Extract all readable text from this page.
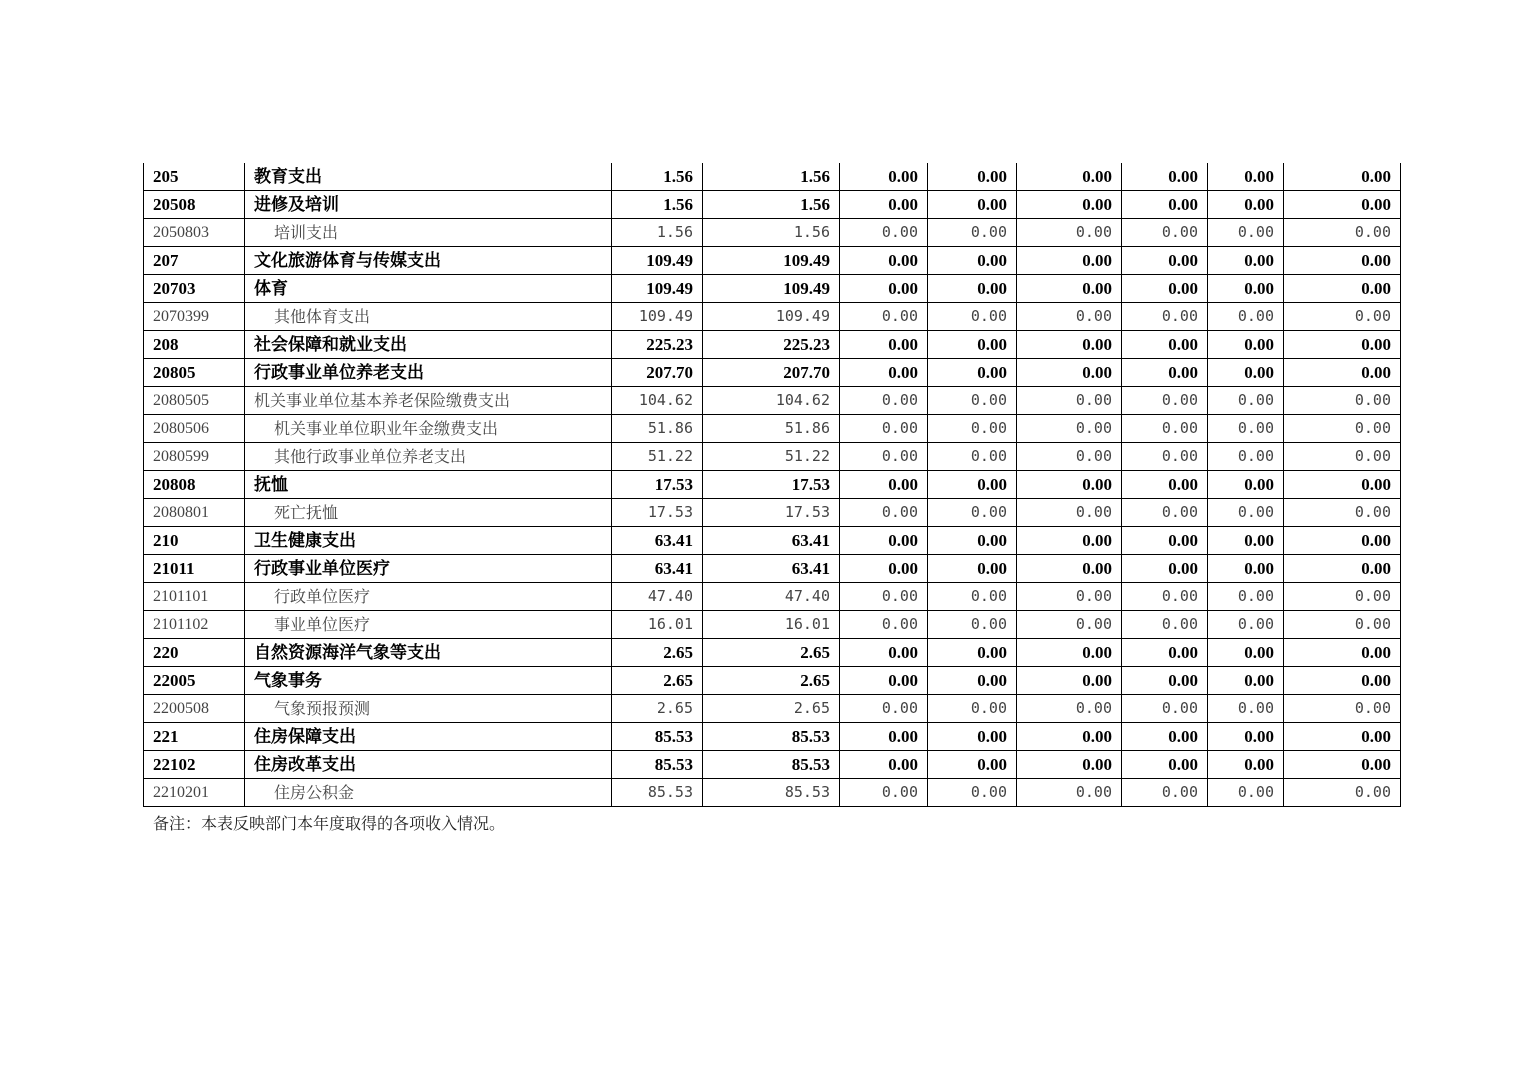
205	教育支出	1.56	1.56	0.00	0.00	0.00	0.00	0.00	0.00
20508	进修及培训	1.56	1.56	0.00	0.00	0.00	0.00	0.00	0.00
2050803	培训支出	1.56	1.56	0.00	0.00	0.00	0.00	0.00	0.00
207	文化旅游体育与传媒支出	109.49	109.49	0.00	0.00	0.00	0.00	0.00	0.00
20703	体育	109.49	109.49	0.00	0.00	0.00	0.00	0.00	0.00
2070399	其他体育支出	109.49	109.49	0.00	0.00	0.00	0.00	0.00	0.00
208	社会保障和就业支出	225.23	225.23	0.00	0.00	0.00	0.00	0.00	0.00
20805	行政事业单位养老支出	207.70	207.70	0.00	0.00	0.00	0.00	0.00	0.00
2080505	机关事业单位基本养老保险缴费支出	104.62	104.62	0.00	0.00	0.00	0.00	0.00	0.00
2080506	机关事业单位职业年金缴费支出	51.86	51.86	0.00	0.00	0.00	0.00	0.00	0.00
2080599	其他行政事业单位养老支出	51.22	51.22	0.00	0.00	0.00	0.00	0.00	0.00
20808	抚恤	17.53	17.53	0.00	0.00	0.00	0.00	0.00	0.00
2080801	死亡抚恤	17.53	17.53	0.00	0.00	0.00	0.00	0.00	0.00
210	卫生健康支出	63.41	63.41	0.00	0.00	0.00	0.00	0.00	0.00
21011	行政事业单位医疗	63.41	63.41	0.00	0.00	0.00	0.00	0.00	0.00
2101101	行政单位医疗	47.40	47.40	0.00	0.00	0.00	0.00	0.00	0.00
2101102	事业单位医疗	16.01	16.01	0.00	0.00	0.00	0.00	0.00	0.00
220	自然资源海洋气象等支出	2.65	2.65	0.00	0.00	0.00	0.00	0.00	0.00
22005	气象事务	2.65	2.65	0.00	0.00	0.00	0.00	0.00	0.00
2200508	气象预报预测	2.65	2.65	0.00	0.00	0.00	0.00	0.00	0.00
221	住房保障支出	85.53	85.53	0.00	0.00	0.00	0.00	0.00	0.00
22102	住房改革支出	85.53	85.53	0.00	0.00	0.00	0.00	0.00	0.00
2210201	住房公积金	85.53	85.53	0.00	0.00	0.00	0.00	0.00	0.00
备注：本表反映部门本年度取得的各项收入情况。
